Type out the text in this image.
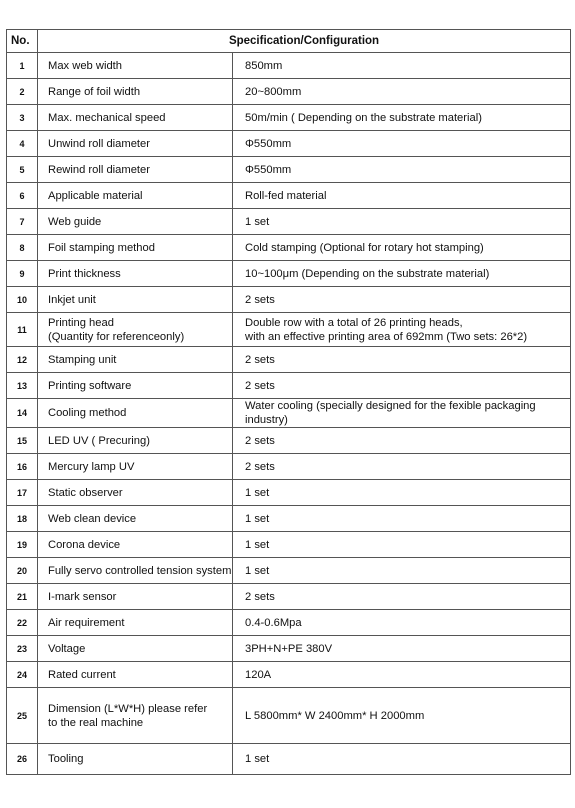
No.	Specification/Configuration	
1	Max web width	850mm

2	Range of foil width	20~800mm

3	Max. mechanical speed	50m/min ( Depending on the substrate material)

4	Unwind roll diameter	Φ550mm

5	Rewind roll diameter	Φ550mm

6	Applicable material	Roll-fed material

7	Web guide	1 set

8	Foil stamping method	Cold stamping (Optional for rotary hot stamping)

9	Print thickness	10~100μm (Depending on the substrate material)

10	Inkjet unit	2 sets

11	Printing head
(Quantity for referenceonly)	Double row with a total of 26 printing heads,
with an effective printing area of 692mm (Two sets: 26*2)

12	Stamping unit	2 sets

13	Printing software	2 sets

14	Cooling method	Water cooling (specially designed for the fexible packaging industry)

15	LED UV ( Precuring)	2 sets

16	Mercury lamp UV	2 sets

17	Static observer	1 set

18	Web clean device	1 set

19	Corona device	1 set

20	Fully servo controlled tension system	1 set

21	I-mark sensor	2 sets

22	Air requirement	0.4-0.6Mpa

23	Voltage	3PH+N+PE 380V

24	Rated current	120A

25	Dimension (L*W*H) please refer
to the real machine	L 5800mm* W 2400mm* H 2000mm

26	Tooling	1 set
